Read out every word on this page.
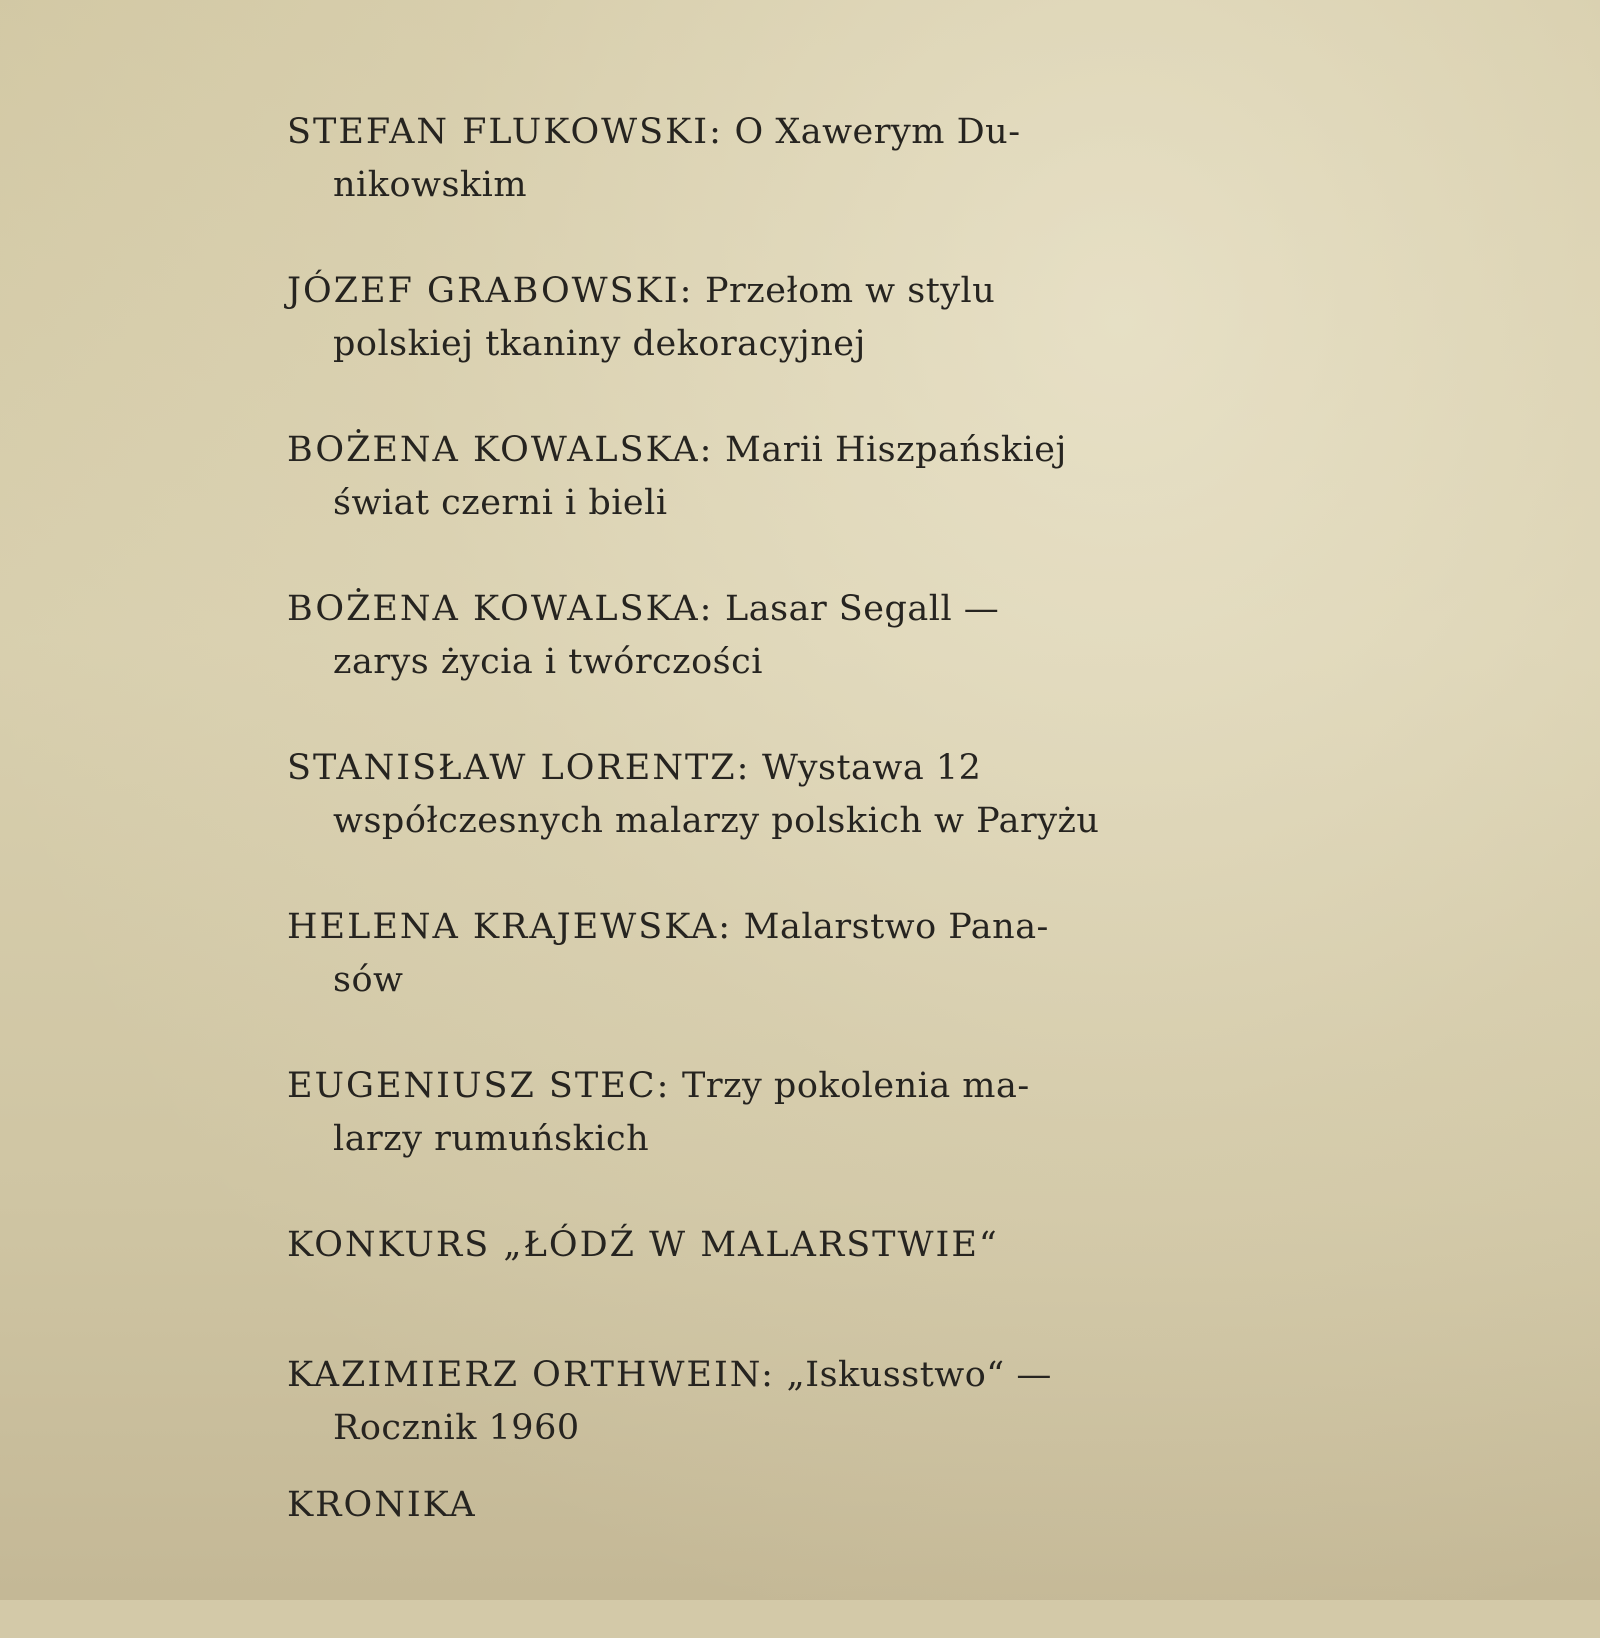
STEFAN FLUKOWSKI: O Xawerym Du-
nikowskim
JÓZEF GRABOWSKI: Przełom w stylu
polskiej tkaniny dekoracyjnej
BOŻENA KOWALSKA: Marii Hiszpańskiej
świat czerni i bieli
BOŻENA KOWALSKA: Lasar Segall —
zarys życia i twórczości
STANISŁAW LORENTZ: Wystawa 12
współczesnych malarzy polskich w Paryżu
HELENA KRAJEWSKA: Malarstwo Pana-
sów
EUGENIUSZ STEC: Trzy pokolenia ma-
larzy rumuńskich
KONKURS „ŁÓDŹ W MALARSTWIE“
KAZIMIERZ ORTHWEIN: „Iskusstwo“ —
Rocznik 1960
KRONIKA
